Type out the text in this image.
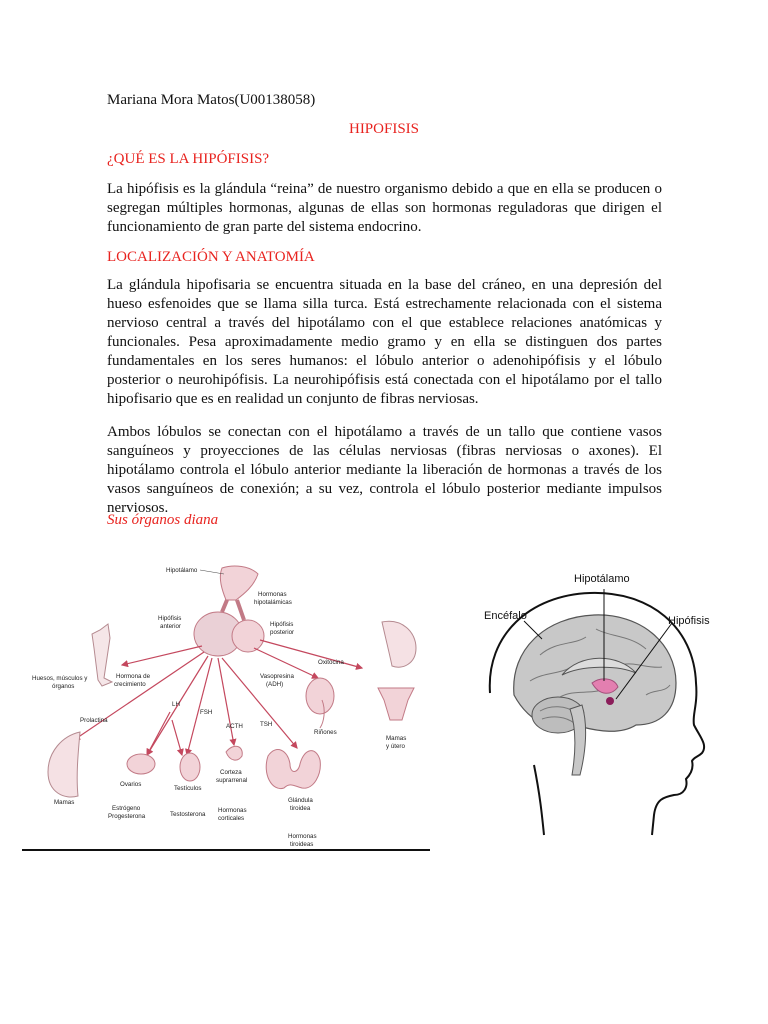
Mariana Mora Matos(U00138058)
HIPOFISIS
¿QUÉ ES LA HIPÓFISIS?

La hipófisis es la glándula “reina” de nuestro organismo debido a que en ella se producen o segregan múltiples hormonas, algunas de ellas son hormonas reguladoras que dirigen el funcionamiento de gran parte del sistema endocrino.

LOCALIZACIÓN Y ANATOMÍA

La glándula hipofisaria se encuentra situada en la base del cráneo, en una depresión del hueso esfenoides que se llama silla turca. Está estrechamente relacionada con el sistema nervioso central a través del hipotálamo con el que establece relaciones anatómicas y funcionales. Pesa aproximadamente medio gramo y en ella se distinguen dos partes fundamentales en los seres humanos: el lóbulo anterior o adenohipófisis y el lóbulo posterior o neurohipófisis. La neurohipófisis está conectada con el hipotálamo por el tallo hipofisario que es en realidad un conjunto de fibras nerviosas.

Ambos lóbulos se conectan con el hipotálamo a través de un tallo que contiene vasos sanguíneos y proyecciones de las células nerviosas (fibras nerviosas o axones). El hipotálamo controla el lóbulo anterior mediante la liberación de hormonas a través de los vasos sanguíneos de conexión; a su vez, controla el lóbulo posterior mediante impulsos nerviosos.

Sus órganos diana
Hipotálamo
Hormonas
hipotalámicas
Hipófisis
anterior	Hipófisis
posterior
Huesos, músculos y
órganos
Hormona de
crecimiento
Oxitocina
Vasopresina
(ADH)
LH
FSH
ACTH	TSH
Prolactina
Riñones
Mamas
y útero
Mamas
Ovarios
Testículos
Corteza
suprarrenal
Glándula
tiroidea
Estrógeno
Progesterona	Testosterona
Hormonas
corticales
Hormonas
tiroideas
Hipotálamo
Encéfalo	Hipófisis
